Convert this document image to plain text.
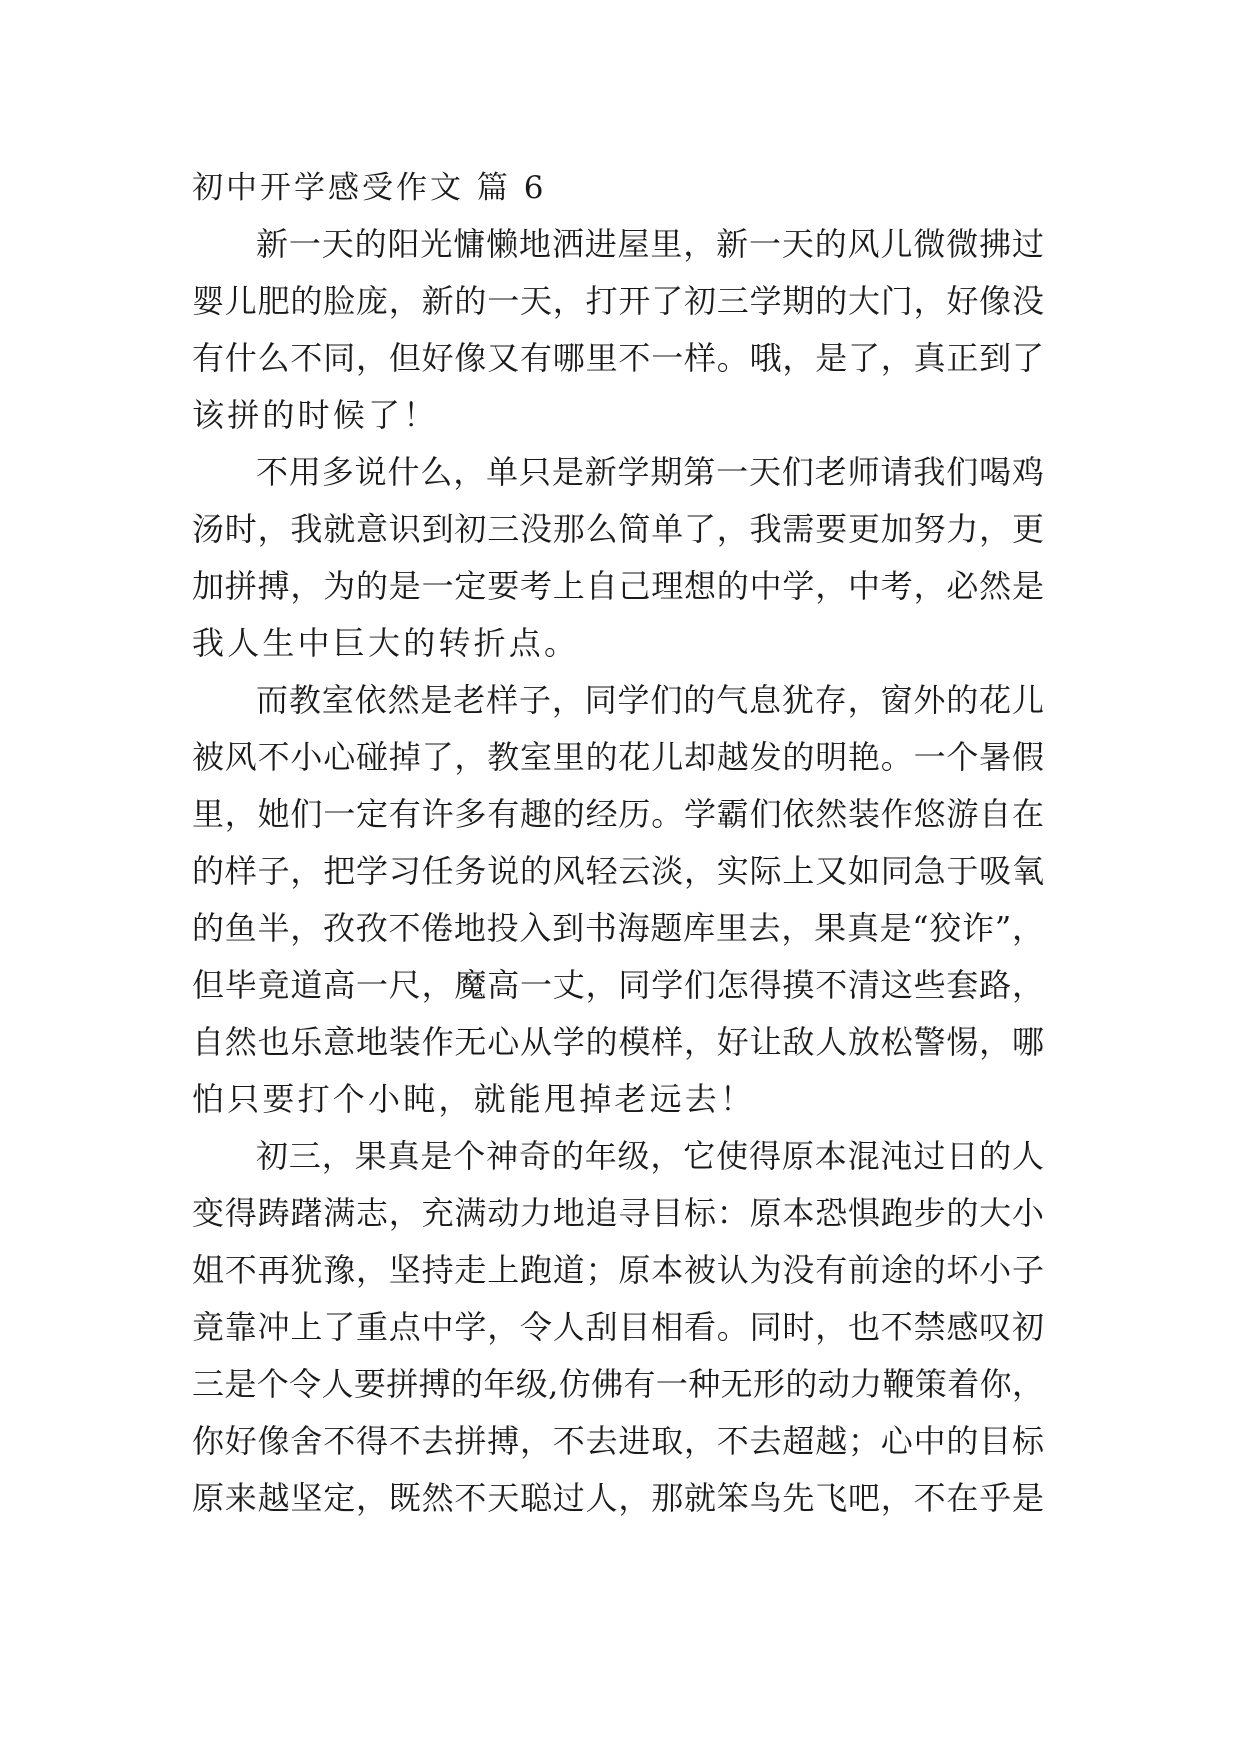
初中开学感受作文 篇 6
新一天的阳光慵懒地洒进屋里，新一天的风儿微微拂过
婴儿肥的脸庞，新的一天，打开了初三学期的大门，好像没
有什么不同，但好像又有哪里不一样。哦，是了，真正到了
该拼的时候了！
不用多说什么，单只是新学期第一天们老师请我们喝鸡
汤时，我就意识到初三没那么简单了，我需要更加努力，更
加拼搏，为的是一定要考上自己理想的中学，中考，必然是
我人生中巨大的转折点。
而教室依然是老样子，同学们的气息犹存，窗外的花儿
被风不小心碰掉了，教室里的花儿却越发的明艳。一个暑假
里，她们一定有许多有趣的经历。学霸们依然装作悠游自在
的样子，把学习任务说的风轻云淡，实际上又如同急于吸氧
的鱼半，孜孜不倦地投入到书海题库里去，果真是“狡诈”，
但毕竟道高一尺，魔高一丈，同学们怎得摸不清这些套路，
自然也乐意地装作无心从学的模样，好让敌人放松警惕，哪
怕只要打个小盹，就能甩掉老远去！
初三，果真是个神奇的年级，它使得原本混沌过日的人
变得踌躇满志，充满动力地追寻目标：原本恐惧跑步的大小
姐不再犹豫，坚持走上跑道；原本被认为没有前途的坏小子
竟靠冲上了重点中学，令人刮目相看。同时，也不禁感叹初
三是个令人要拼搏的年级,仿佛有一种无形的动力鞭策着你，
你好像舍不得不去拼搏，不去进取，不去超越；心中的目标
原来越坚定，既然不天聪过人，那就笨鸟先飞吧，不在乎是
